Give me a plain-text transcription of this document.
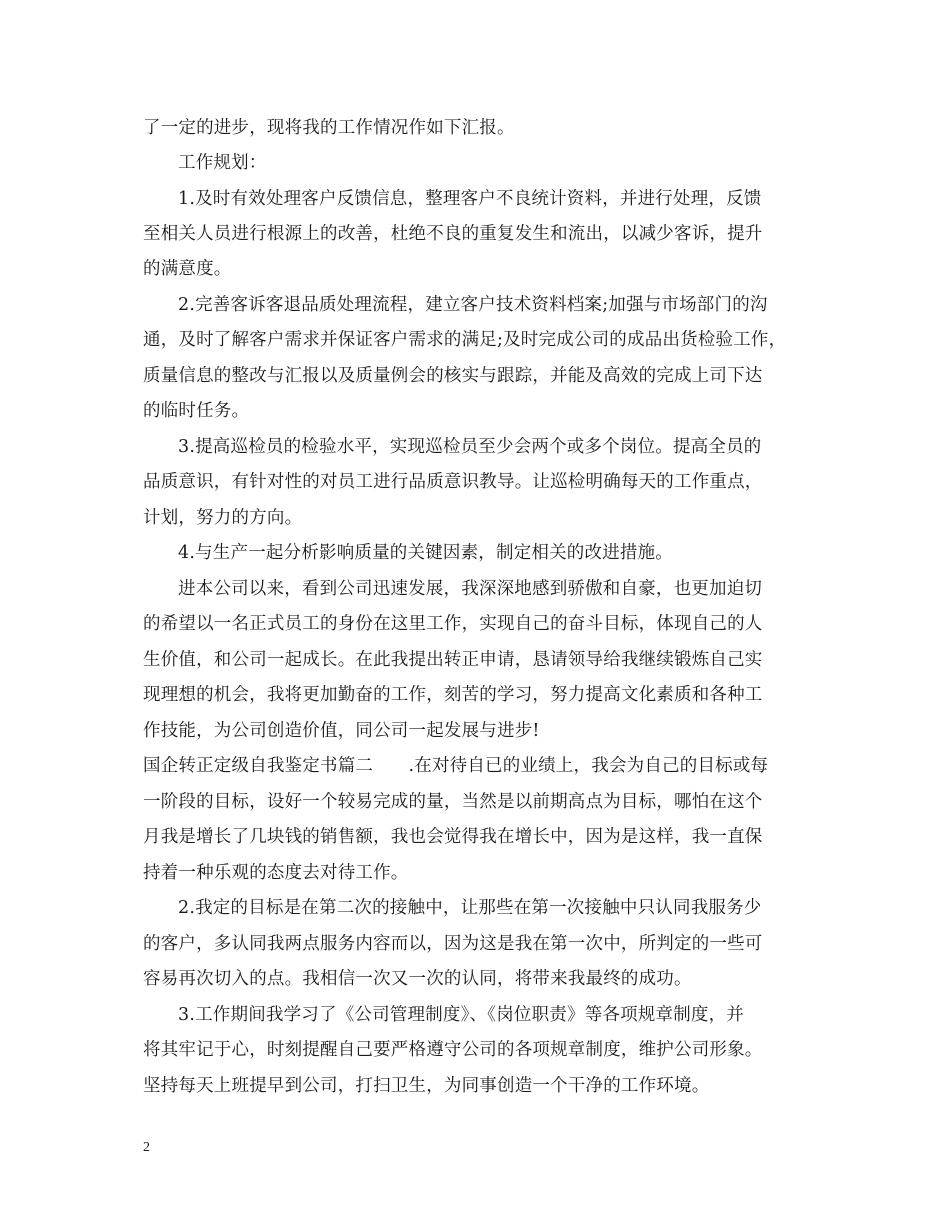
了一定的进步，现将我的工作情况作如下汇报。
工作规划：
1.及时有效处理客户反馈信息，整理客户不良统计资料，并进行处理，反馈
至相关人员进行根源上的改善，杜绝不良的重复发生和流出，以减少客诉，提升
的满意度。
2.完善客诉客退品质处理流程，建立客户技术资料档案;加强与市场部门的沟
通，及时了解客户需求并保证客户需求的满足;及时完成公司的成品出货检验工作，
质量信息的整改与汇报以及质量例会的核实与跟踪，并能及高效的完成上司下达
的临时任务。
3.提高巡检员的检验水平，实现巡检员至少会两个或多个岗位。提高全员的
品质意识，有针对性的对员工进行品质意识教导。让巡检明确每天的工作重点，
计划，努力的方向。
4.与生产一起分析影响质量的关键因素，制定相关的改进措施。
进本公司以来，看到公司迅速发展，我深深地感到骄傲和自豪，也更加迫切
的希望以一名正式员工的身份在这里工作，实现自己的奋斗目标，体现自己的人
生价值，和公司一起成长。在此我提出转正申请，恳请领导给我继续锻炼自己实
现理想的机会，我将更加勤奋的工作，刻苦的学习，努力提高文化素质和各种工
作技能，为公司创造价值，同公司一起发展与进步!
国企转正定级自我鉴定书篇二　　.在对待自已的业绩上，我会为自己的目标或每
一阶段的目标，设好一个较易完成的量，当然是以前期高点为目标，哪怕在这个
月我是增长了几块钱的销售额，我也会觉得我在增长中，因为是这样，我一直保
持着一种乐观的态度去对待工作。
2.我定的目标是在第二次的接触中，让那些在第一次接触中只认同我服务少
的客户，多认同我两点服务内容而以，因为这是我在第一次中，所判定的一些可
容易再次切入的点。我相信一次又一次的认同，将带来我最终的成功。
3.工作期间我学习了《公司管理制度》、《岗位职责》等各项规章制度，并
将其牢记于心，时刻提醒自己要严格遵守公司的各项规章制度，维护公司形象。
坚持每天上班提早到公司，打扫卫生，为同事创造一个干净的工作环境。
2
